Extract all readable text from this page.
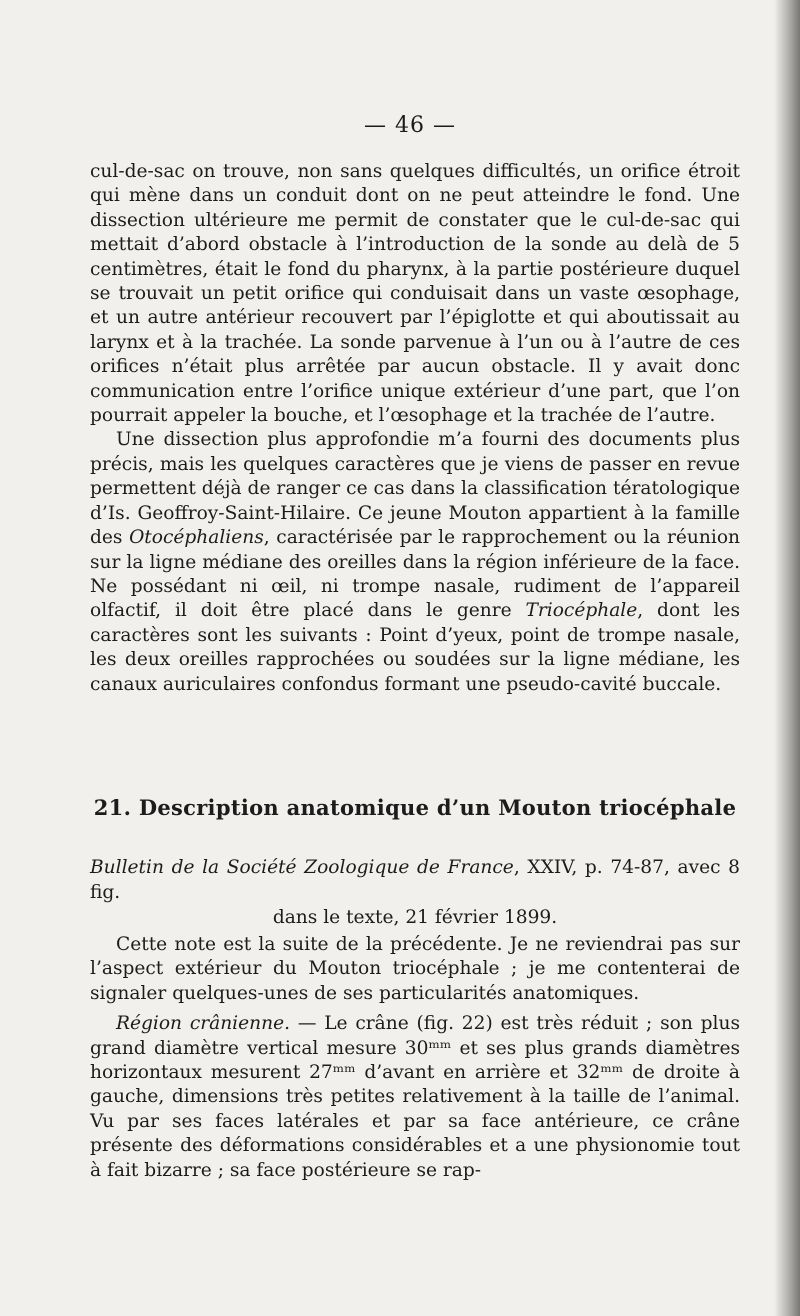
— 46 —

cul-de-sac on trouve, non sans quelques difficultés, un orifice étroit qui mène dans un conduit dont on ne peut atteindre le fond. Une dissection ultérieure me permit de constater que le cul-de-sac qui mettait d’abord obstacle à l’introduction de la sonde au delà de 5 centimètres, était le fond du pharynx, à la partie postérieure duquel se trouvait un petit orifice qui conduisait dans un vaste œsophage, et un autre antérieur recouvert par l’épiglotte et qui aboutissait au larynx et à la trachée. La sonde parvenue à l’un ou à l’autre de ces orifices n’était plus arrêtée par aucun obstacle. Il y avait donc communication entre l’orifice unique extérieur d’une part, que l’on pourrait appeler la bouche, et l’œsophage et la trachée de l’autre.

Une dissection plus approfondie m’a fourni des documents plus précis, mais les quelques caractères que je viens de passer en revue permettent déjà de ranger ce cas dans la classification tératologique d’Is. Geoffroy-Saint-Hilaire. Ce jeune Mouton appartient à la famille des Otocéphaliens, caractérisée par le rapprochement ou la réunion sur la ligne médiane des oreilles dans la région inférieure de la face. Ne possédant ni œil, ni trompe nasale, rudiment de l’appareil olfactif, il doit être placé dans le genre Triocéphale, dont les caractères sont les suivants : Point d’yeux, point de trompe nasale, les deux oreilles rapprochées ou soudées sur la ligne médiane, les canaux auriculaires confondus formant une pseudo-cavité buccale.

21. Description anatomique d’un Mouton triocéphale
Bulletin de la Société Zoologique de France, XXIV, p. 74-87, avec 8 fig.
dans le texte, 21 février 1899.

Cette note est la suite de la précédente. Je ne reviendrai pas sur l’aspect extérieur du Mouton triocéphale ; je me contenterai de signaler quelques-unes de ses particularités anatomiques.

Région crânienne. — Le crâne (fig. 22) est très réduit ; son plus grand diamètre vertical mesure 30ᵐᵐ et ses plus grands diamètres horizontaux mesurent 27ᵐᵐ d’avant en arrière et 32ᵐᵐ de droite à gauche, dimensions très petites relativement à la taille de l’animal. Vu par ses faces latérales et par sa face antérieure, ce crâne présente des déformations considérables et a une physionomie tout à fait bizarre ; sa face postérieure se rap-
